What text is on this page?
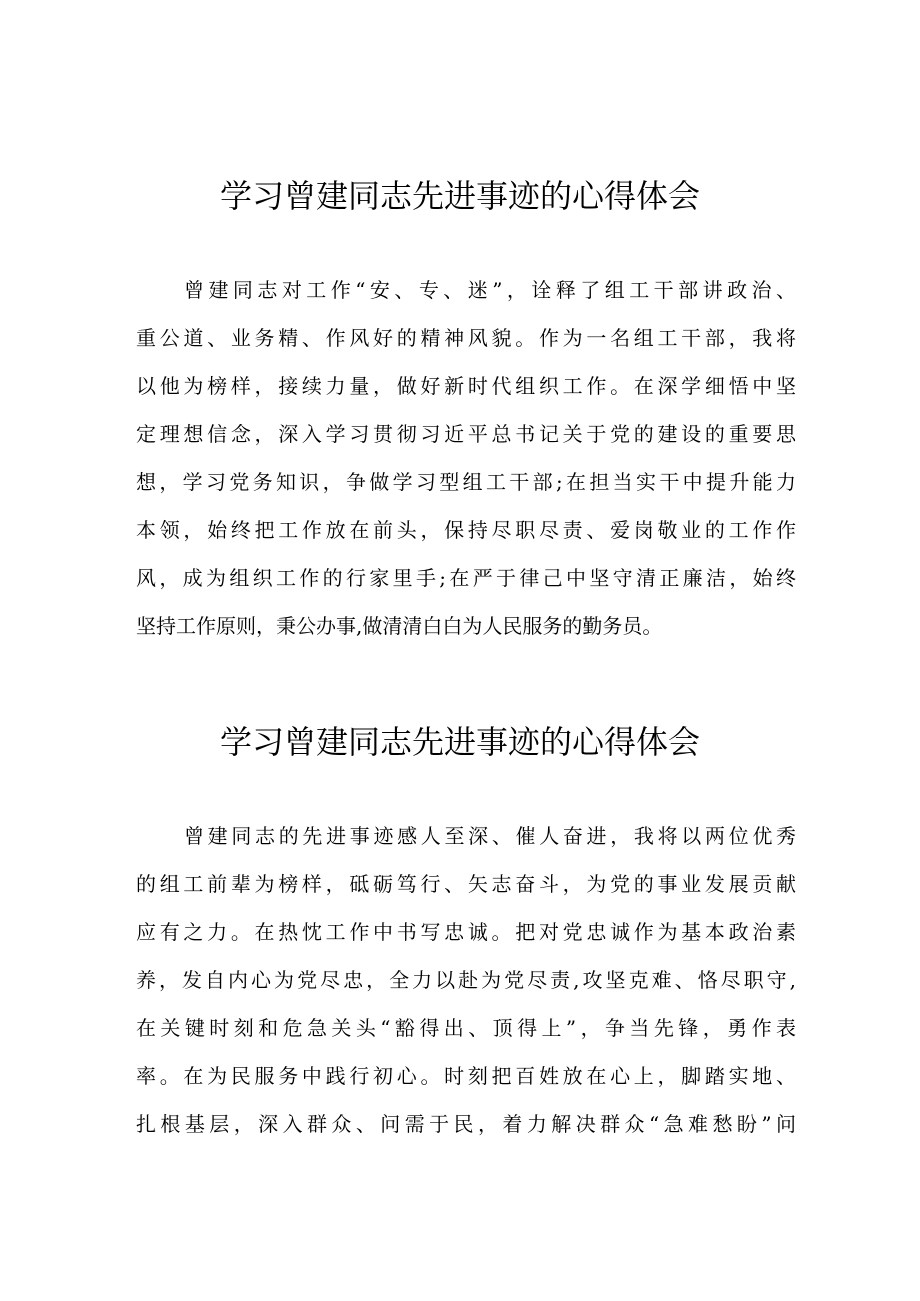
学习曾建同志先进事迹的心得体会
曾建同志对工作“安、专、迷”，诠释了组工干部讲政治、
重公道、业务精、作风好的精神风貌。作为一名组工干部，我将
以他为榜样，接续力量，做好新时代组织工作。在深学细悟中坚
定理想信念，深入学习贯彻习近平总书记关于党的建设的重要思
想，学习党务知识，争做学习型组工干部;在担当实干中提升能力
本领，始终把工作放在前头，保持尽职尽责、爱岗敬业的工作作
风，成为组织工作的行家里手;在严于律己中坚守清正廉洁，始终
坚持工作原则，秉公办事,做清清白白为人民服务的勤务员。
学习曾建同志先进事迹的心得体会
曾建同志的先进事迹感人至深、催人奋进，我将以两位优秀
的组工前辈为榜样，砥砺笃行、矢志奋斗，为党的事业发展贡献
应有之力。在热忱工作中书写忠诚。把对党忠诚作为基本政治素
养，发自内心为党尽忠，全力以赴为党尽责,攻坚克难、恪尽职守,
在关键时刻和危急关头“豁得出、顶得上”，争当先锋，勇作表
率。在为民服务中践行初心。时刻把百姓放在心上，脚踏实地、
扎根基层，深入群众、问需于民，着力解决群众“急难愁盼”问
